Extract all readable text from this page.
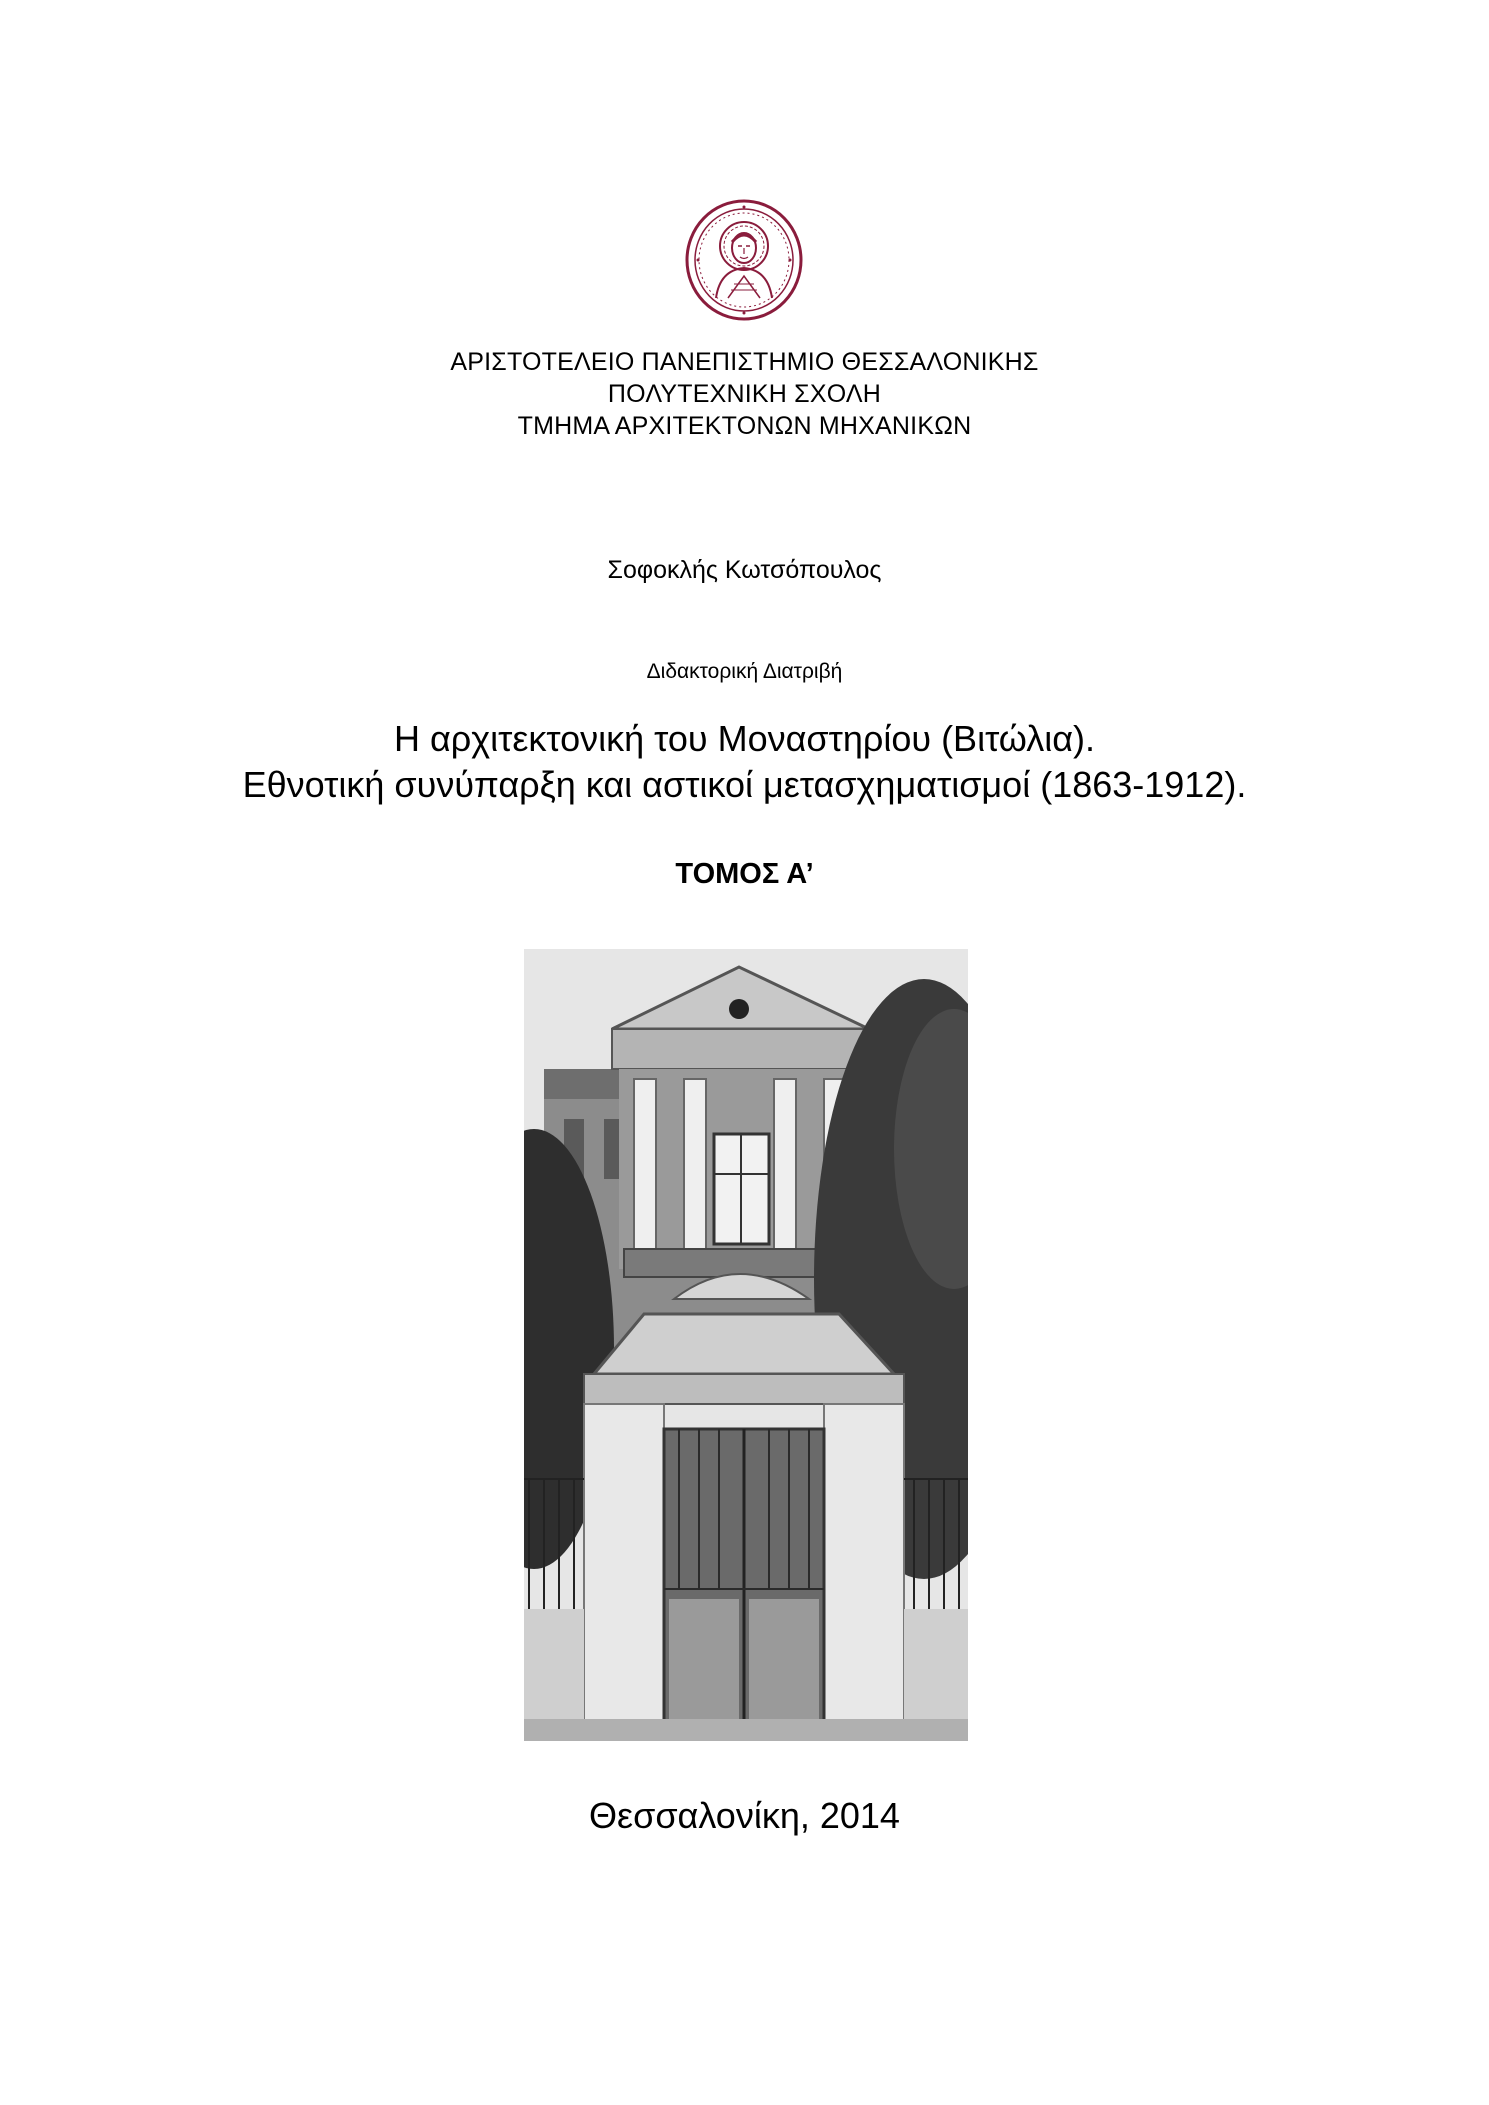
ΑΡΙΣΤΟΤΕΛΕΙΟ ΠΑΝΕΠΙΣΤΗΜΙΟ ΘΕΣΣΑΛΟΝΙΚΗΣ
ΠΟΛΥΤΕΧΝΙΚΗ ΣΧΟΛΗ
ΤΜΗΜΑ ΑΡΧΙΤΕΚΤΟΝΩΝ ΜΗΧΑΝΙΚΩΝ
Σοφοκλής Κωτσόπουλος
Διδακτορική Διατριβή
Η αρχιτεκτονική του Μοναστηρίου (Βιτώλια).
Εθνοτική συνύπαρξη και αστικοί μετασχηματισμοί (1863-1912).
ΤΟΜΟΣ Α’
Θεσσαλονίκη, 2014
